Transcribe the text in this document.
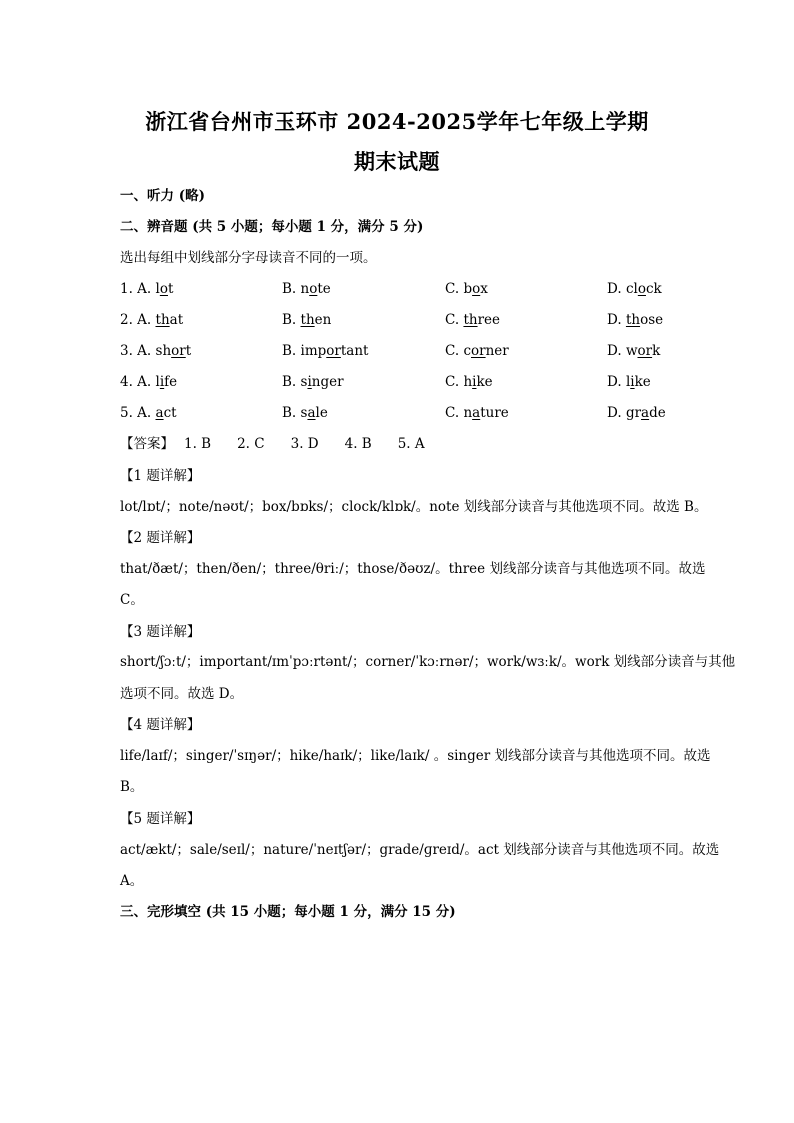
浙江省台州市玉环市 2024-2025学年七年级上学期
期末试题
一、听力 (略)
二、辨音题 (共 5 小题；每小题 1 分，满分 5 分)
选出每组中划线部分字母读音不同的一项。
1. A. lot	B. note	C. box	D. clock
2. A. that	B. then	C. three	D. those
3. A. short	B. important	C. corner	D. work
4. A. life	B. singer	C. hike	D. like
5. A. act	B. sale	C. nature	D. grade
【答案】 1. B 2. C 3. D 4. B 5. A
【1 题详解】
lot/lɒt/；note/nəʊt/；box/bɒks/；clock/klɒk/。note 划线部分读音与其他选项不同。故选 B。
【2 题详解】
that/ðæt/；then/ðen/；three/θriː/；those/ðəʊz/。three 划线部分读音与其他选项不同。故选
C。
【3 题详解】
short/ʃɔːt/；important/ɪmˈpɔːrtənt/；corner/ˈkɔːrnər/；work/wɜːk/。work 划线部分读音与其他
选项不同。故选 D。
【4 题详解】
life/laɪf/；singer/ˈsɪŋər/；hike/haɪk/；like/laɪk/ 。singer 划线部分读音与其他选项不同。故选
B。
【5 题详解】
act/ækt/；sale/seɪl/；nature/ˈneɪtʃər/；grade/ɡreɪd/。act 划线部分读音与其他选项不同。故选
A。
三、完形填空 (共 15 小题；每小题 1 分，满分 15 分)
